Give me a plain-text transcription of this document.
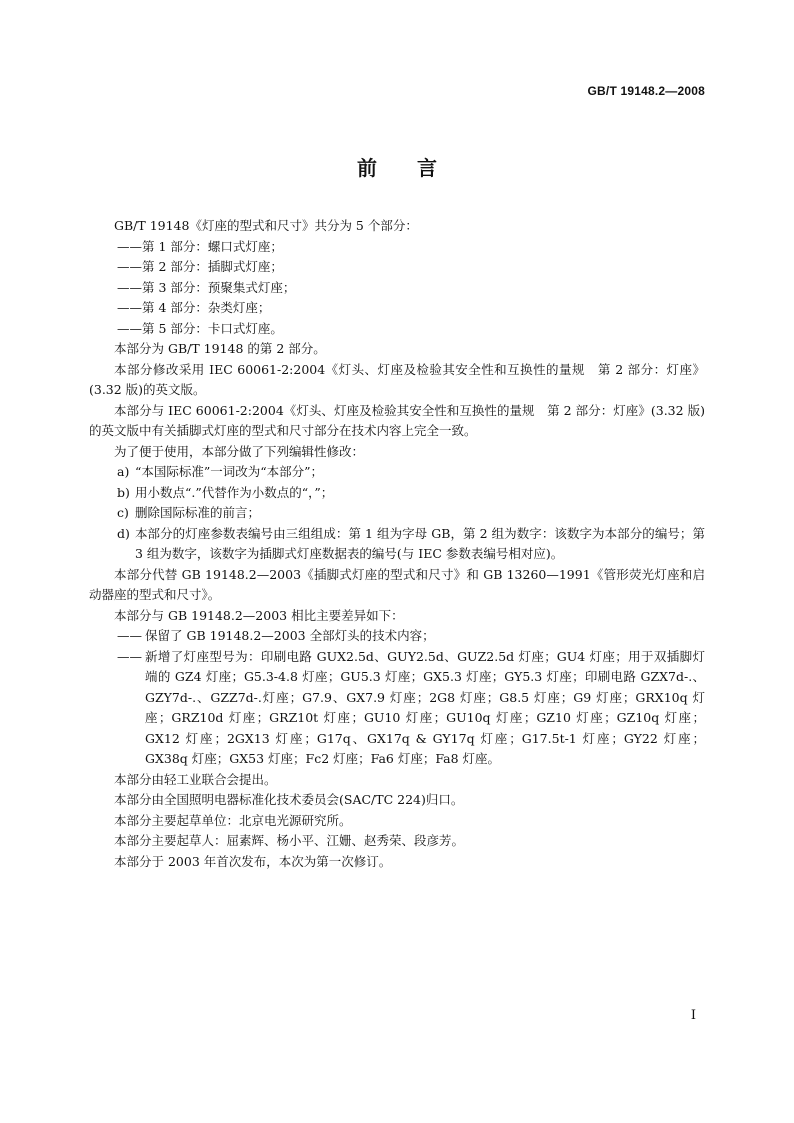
GB/T 19148.2—2008
前 言

GB/T 19148《灯座的型式和尺寸》共分为 5 个部分：

——第 1 部分：螺口式灯座；

——第 2 部分：插脚式灯座；

——第 3 部分：预聚集式灯座；

——第 4 部分：杂类灯座；

——第 5 部分：卡口式灯座。

本部分为 GB/T 19148 的第 2 部分。

本部分修改采用 IEC 60061-2:2004《灯头、灯座及检验其安全性和互换性的量规　第 2 部分：灯座》(3.32 版)的英文版。

本部分与 IEC 60061-2:2004《灯头、灯座及检验其安全性和互换性的量规　第 2 部分：灯座》(3.32 版)的英文版中有关插脚式灯座的型式和尺寸部分在技术内容上完全一致。

为了便于使用，本部分做了下列编辑性修改：

a) “本国际标准”一词改为“本部分”；

b) 用小数点“.”代替作为小数点的“，”；

c) 删除国际标准的前言；

d) 本部分的灯座参数表编号由三组组成：第 1 组为字母 GB，第 2 组为数字：该数字为本部分的编号；第 3 组为数字，该数字为插脚式灯座数据表的编号(与 IEC 参数表编号相对应)。

本部分代替 GB 19148.2—2003《插脚式灯座的型式和尺寸》和 GB 13260—1991《管形荧光灯座和启动器座的型式和尺寸》。

本部分与 GB 19148.2—2003 相比主要差异如下：

—— 保留了 GB 19148.2—2003 全部灯头的技术内容；

—— 新增了灯座型号为：印刷电路 GUX2.5d、GUY2.5d、GUZ2.5d 灯座；GU4 灯座；用于双插脚灯端的 GZ4 灯座；G5.3-4.8 灯座；GU5.3 灯座；GX5.3 灯座；GY5.3 灯座；印刷电路 GZX7d-.、GZY7d-.、GZZ7d-.灯座；G7.9、GX7.9 灯座；2G8 灯座；G8.5 灯座；G9 灯座；GRX10q 灯座；GRZ10d 灯座；GRZ10t 灯座；GU10 灯座；GU10q 灯座；GZ10 灯座；GZ10q 灯座；GX12 灯座；2GX13 灯座；G17q、GX17q & GY17q 灯座；G17.5t-1 灯座；GY22 灯座；GX38q 灯座；GX53 灯座；Fc2 灯座；Fa6 灯座；Fa8 灯座。

本部分由轻工业联合会提出。

本部分由全国照明电器标准化技术委员会(SAC/TC 224)归口。

本部分主要起草单位：北京电光源研究所。

本部分主要起草人：屈素辉、杨小平、江姗、赵秀荣、段彦芳。

本部分于 2003 年首次发布，本次为第一次修订。

I
